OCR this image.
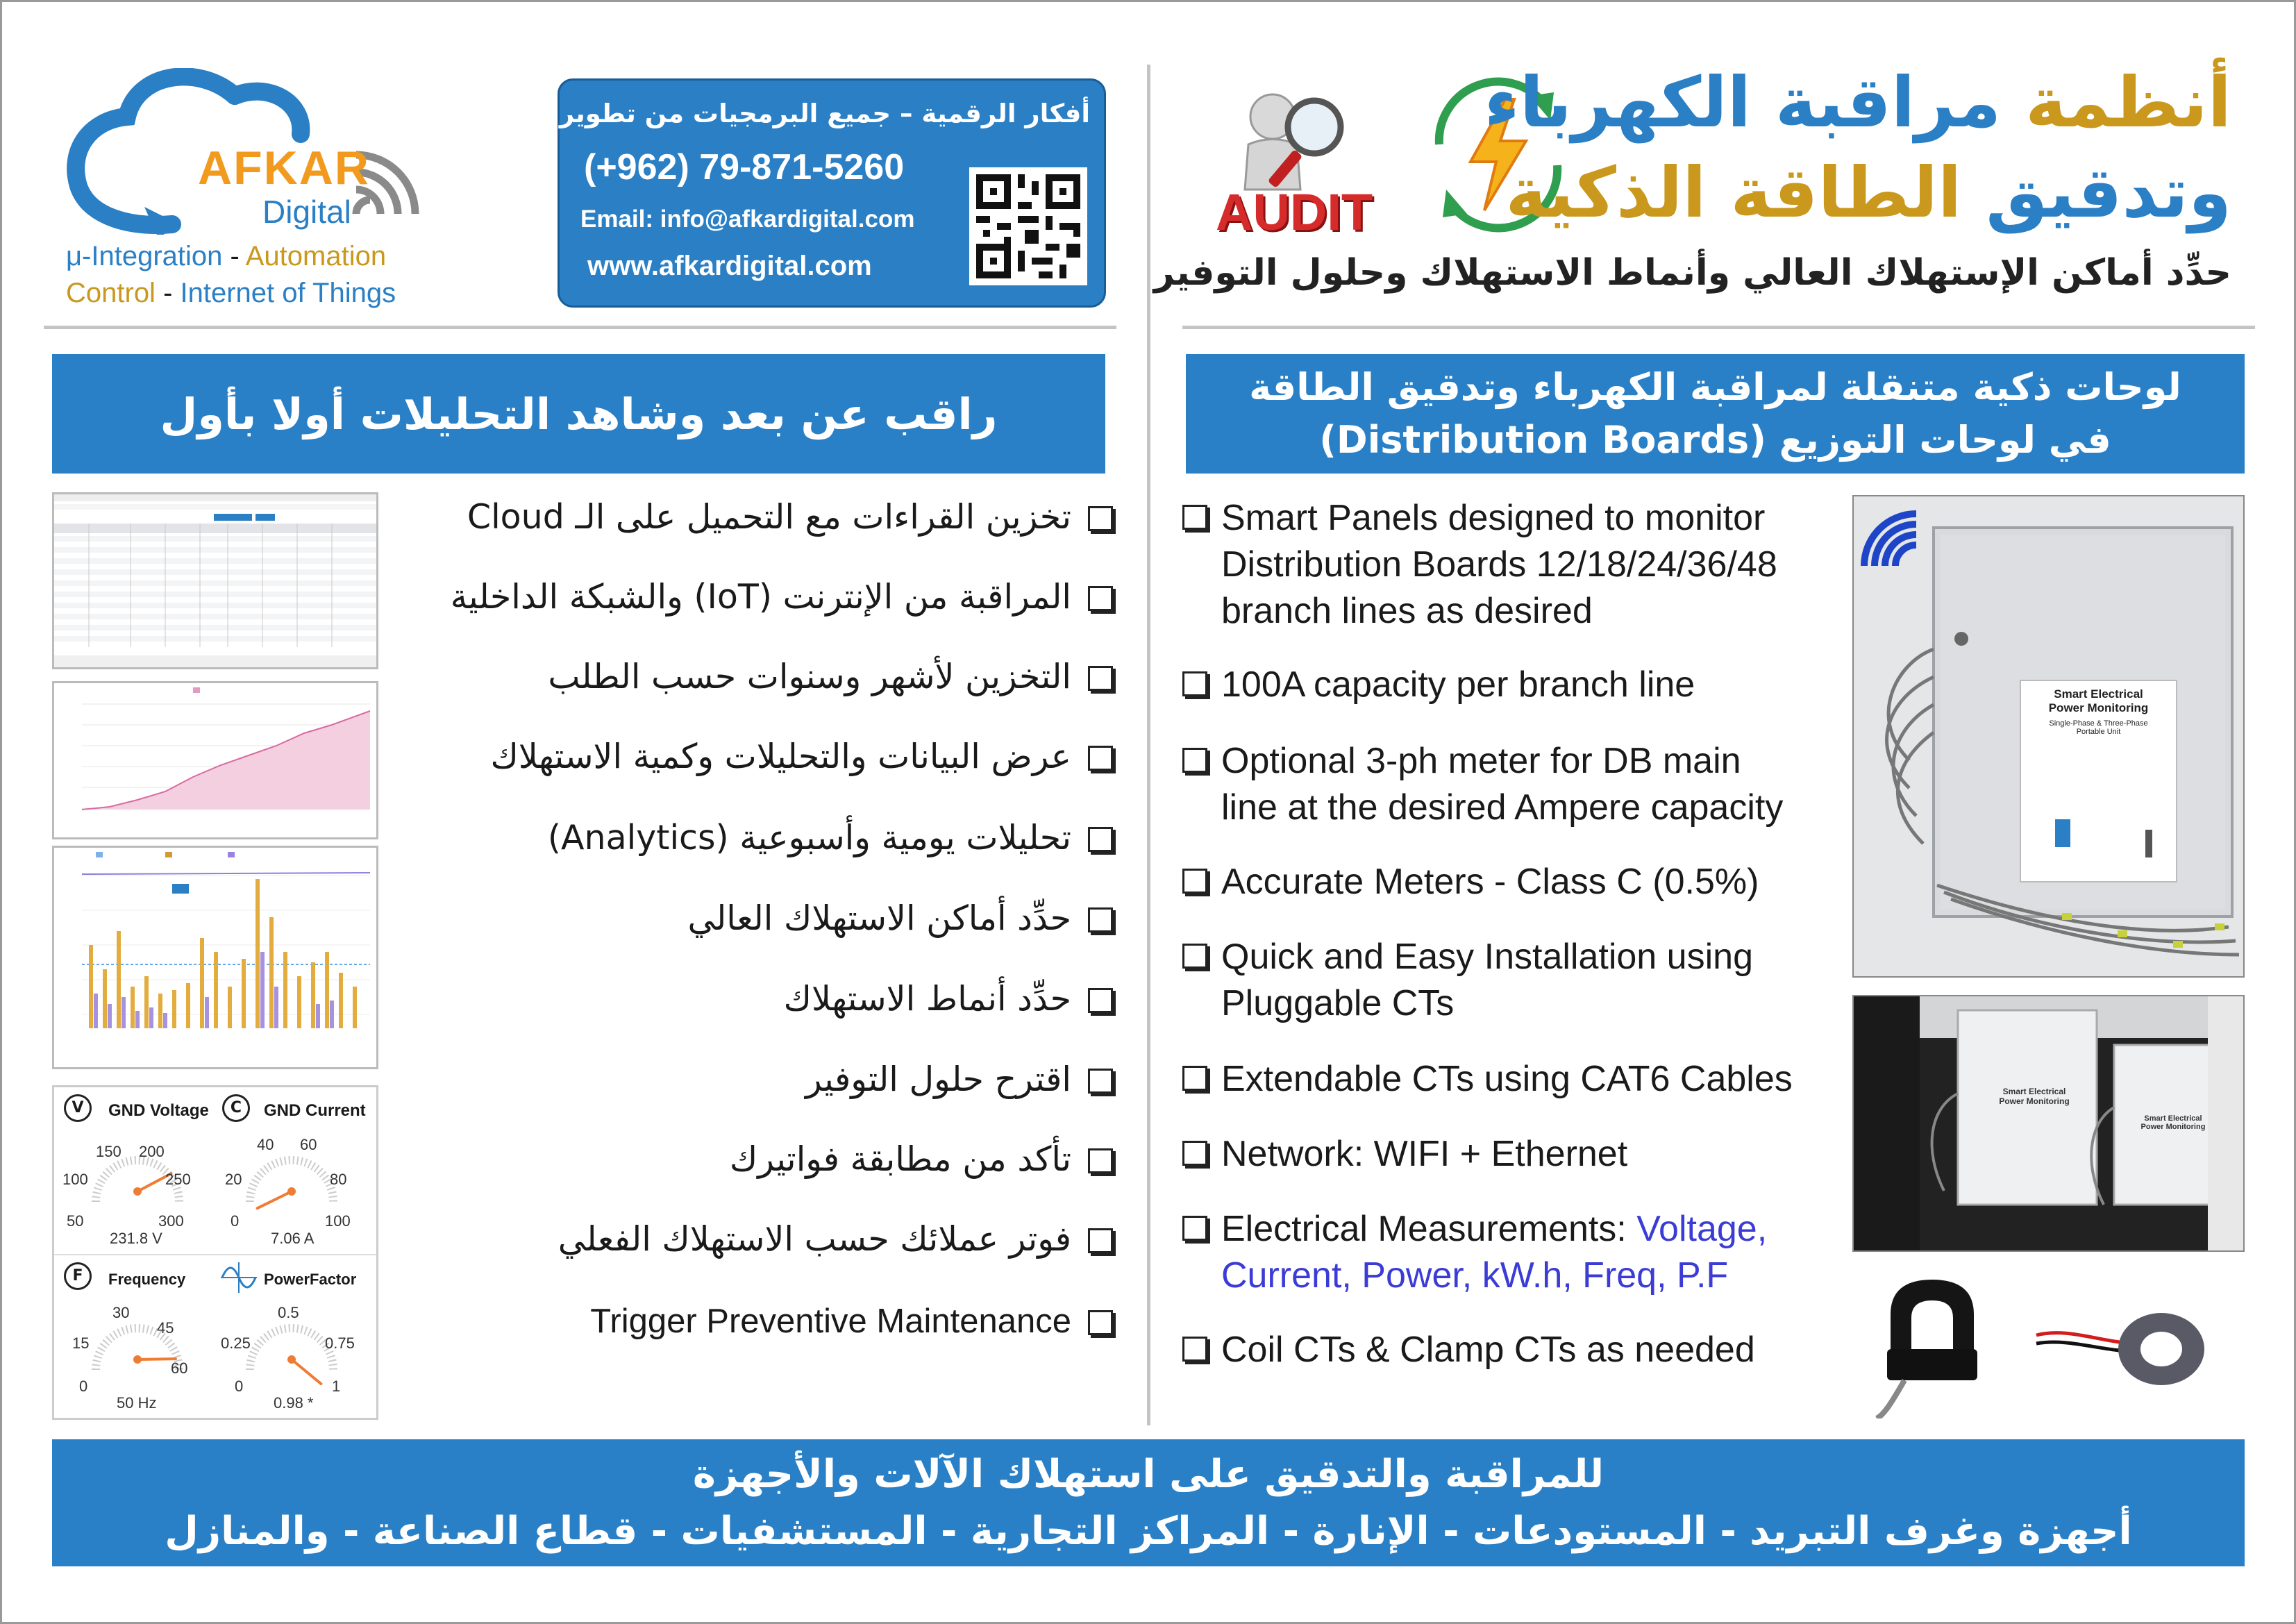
AFKAR
Digital
μ-Integration - Automation
Control - Internet of Things
أفكار الرقمية – جميع البرمجيات من تطويرنا
(+962) 79-871-5260
Email: info@afkardigital.com
www.afkardigital.com
AUDIT
أنظمة مراقبة الكهرباء
وتدقيق الطاقة الذكية
حدِّد أماكن الإستهلاك العالي وأنماط الاستهلاك وحلول التوفير
راقب عن بعد وشاهد التحليلات أولا بأول
لوحات ذكية متنقلة لمراقبة الكهرباء وتدقيق الطاقة
في لوحات التوزيع (Distribution Boards)
Smart Panels designed to monitor
Distribution Boards 12/18/24/36/48
branch lines as desired
100A capacity per branch line
Optional 3-ph meter for DB main
line at the desired Ampere capacity
Accurate Meters - Class C (0.5%)
Quick and Easy Installation using
Pluggable CTs
Extendable CTs using CAT6 Cables
Network: WIFI + Ethernet
Electrical Measurements: Voltage,
Current, Power, kW.h, Freq, P.F
Coil CTs & Clamp CTs as needed
Smart Electrical
Power Monitoring
Single-Phase & Three-Phase
Portable Unit
Smart Electrical
Power Monitoring
Smart Electrical
Power Monitoring
تخزين القراءات مع التحميل على الـ Cloud
المراقبة من الإنترنت (IoT) والشبكة الداخلية
التخزين لأشهر وسنوات حسب الطلب
عرض البيانات والتحليلات وكمية الاستهلاك
تحليلات يومية وأسبوعية (Analytics)
حدِّد أماكن الاستهلاك العالي
حدِّد أنماط الاستهلاك
اقترح حلول التوفير
تأكد من مطابقة فواتيرك
فوتر عملائك حسب الاستهلاك الفعلي
Trigger Preventive Maintenance
V	GND Voltage
50
100
150 200
250
300
231.8 V
C	GND Current
0
20
40 60
80
100
7.06 A
F	Frequency
0
15
30
45
60
50 Hz
PowerFactor
0
0.25
0.5
0.75
1
0.98 *
للمراقبة والتدقيق على استهلاك الآلات والأجهزة
أجهزة وغرف التبريد - المستودعات - الإنارة - المراكز التجارية - المستشفيات - قطاع الصناعة - والمنازل
